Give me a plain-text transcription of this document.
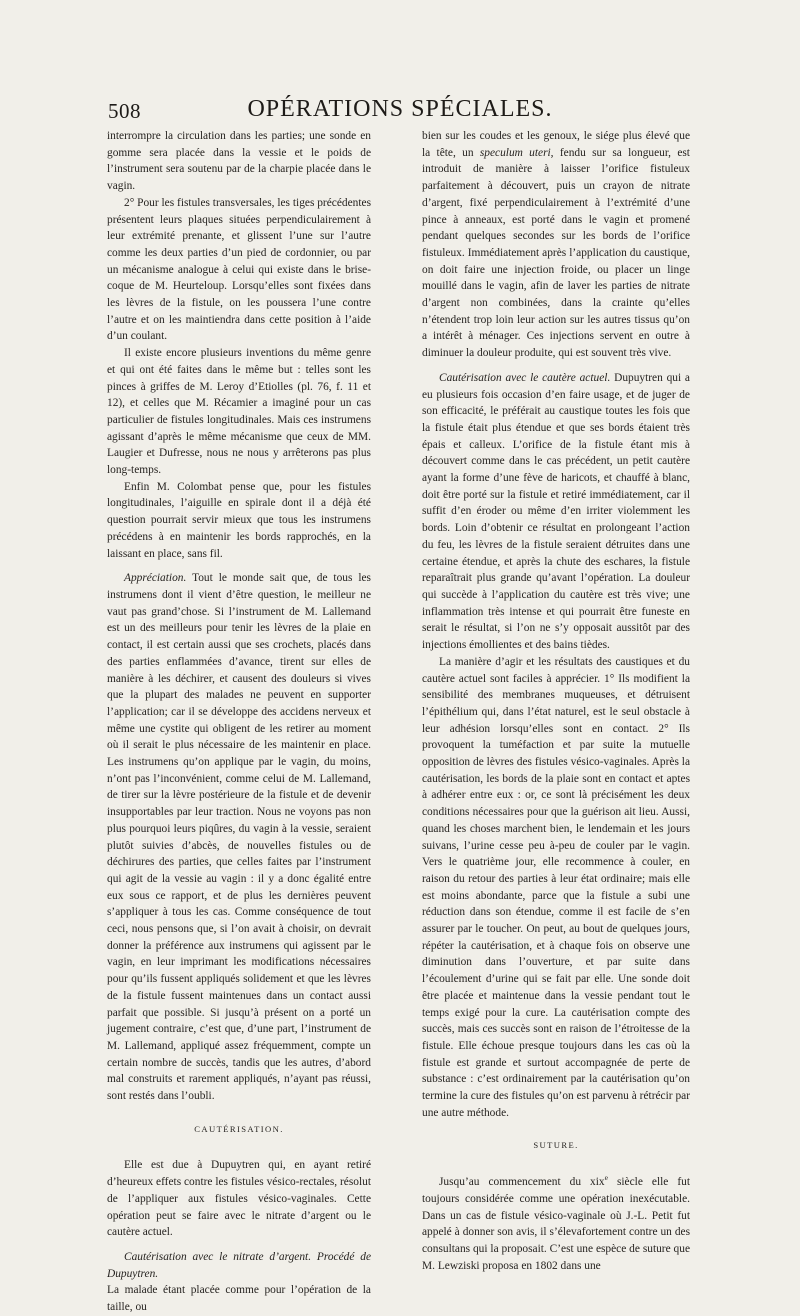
508	OPÉRATIONS SPÉCIALES.

interrompre la circulation dans les parties; une sonde en gomme sera placée dans la vessie et le poids de l’instrument sera soutenu par de la charpie placée dans le vagin.

2° Pour les fistules transversales, les tiges précédentes présentent leurs plaques situées perpendiculairement à leur extrémité prenante, et glissent l’une sur l’autre comme les deux parties d’un pied de cordonnier, ou par un mécanisme analogue à celui qui existe dans le brise-coque de M. Heurteloup. Lorsqu’elles sont fixées dans les lèvres de la fistule, on les poussera l’une contre l’autre et on les maintiendra dans cette position à l’aide d’un coulant.

Il existe encore plusieurs inventions du même genre et qui ont été faites dans le même but : telles sont les pinces à griffes de M. Leroy d’Etiolles (pl. 76, f. 11 et 12), et celles que M. Récamier a imaginé pour un cas particulier de fistules longitudinales. Mais ces instrumens agissant d’après le même mécanisme que ceux de MM. Laugier et Dufresse, nous ne nous y arrêterons pas plus long-temps.

Enfin M. Colombat pense que, pour les fistules longitudinales, l’aiguille en spirale dont il a déjà été question pourrait servir mieux que tous les instrumens précédens à en maintenir les bords rapprochés, en la laissant en place, sans fil.

Appréciation. Tout le monde sait que, de tous les instrumens dont il vient d’être question, le meilleur ne vaut pas grand’chose. Si l’instrument de M. Lallemand est un des meilleurs pour tenir les lèvres de la plaie en contact, il est certain aussi que ses crochets, placés dans des parties enflammées d’avance, tirent sur elles de manière à les déchirer, et causent des douleurs si vives que la plupart des malades ne peuvent en supporter l’application; car il se développe des accidens nerveux et même une cystite qui obligent de les retirer au moment où il serait le plus nécessaire de les maintenir en place. Les instrumens qu’on applique par le vagin, du moins, n’ont pas l’inconvénient, comme celui de M. Lallemand, de tirer sur la lèvre postérieure de la fistule et de devenir insupportables par leur traction. Nous ne voyons pas non plus pourquoi leurs piqûres, du vagin à la vessie, seraient plutôt suivies d’abcès, de nouvelles fistules ou de déchirures des parties, que celles faites par l’instrument qui agit de la vessie au vagin : il y a donc égalité entre eux sous ce rapport, et de plus les dernières peuvent s’appliquer à tous les cas. Comme conséquence de tout ceci, nous pensons que, si l’on avait à choisir, on devrait donner la préférence aux instrumens qui agissent par le vagin, en leur imprimant les modifications nécessaires pour qu’ils fussent appliqués solidement et que les lèvres de la fistule fussent maintenues dans un contact aussi parfait que possible. Si jusqu’à présent on a porté un jugement contraire, c’est que, d’une part, l’instrument de M. Lallemand, appliqué assez fréquemment, compte un certain nombre de succès, tandis que les autres, d’abord mal construits et rarement appliqués, n’ayant pas réussi, sont restés dans l’oubli.

CAUTÉRISATION.

Elle est due à Dupuytren qui, en ayant retiré d’heureux effets contre les fistules vésico-rectales, résolut de l’appliquer aux fistules vésico-vaginales. Cette opération peut se faire avec le nitrate d’argent ou le cautère actuel.

Cautérisation avec le nitrate d’argent. Procédé de Dupuytren.

La malade étant placée comme pour l’opération de la taille, ou

bien sur les coudes et les genoux, le siége plus élevé que la tête, un speculum uteri, fendu sur sa longueur, est introduit de manière à laisser l’orifice fistuleux parfaitement à découvert, puis un crayon de nitrate d’argent, fixé perpendiculairement à l’extrémité d’une pince à anneaux, est porté dans le vagin et promené pendant quelques secondes sur les bords de l’orifice fistuleux. Immédiatement après l’application du caustique, on doit faire une injection froide, ou placer un linge mouillé dans le vagin, afin de laver les parties de nitrate d’argent non combinées, dans la crainte qu’elles n’étendent trop loin leur action sur les autres tissus qu’on a intérêt à ménager. Ces injections servent en outre à diminuer la douleur produite, qui est souvent très vive.

Cautérisation avec le cautère actuel. Dupuytren qui a eu plusieurs fois occasion d’en faire usage, et de juger de son efficacité, le préférait au caustique toutes les fois que la fistule était plus étendue et que ses bords étaient très épais et calleux. L’orifice de la fistule étant mis à découvert comme dans le cas précédent, un petit cautère ayant la forme d’une fève de haricots, et chauffé à blanc, doit être porté sur la fistule et retiré immédiatement, car il suffit d’en éroder ou même d’en irriter violemment les bords. Loin d’obtenir ce résultat en prolongeant l’action du feu, les lèvres de la fistule seraient détruites dans une certaine étendue, et après la chute des eschares, la fistule reparaîtrait plus grande qu’avant l’opération. La douleur qui succède à l’application du cautère est très vive; une inflammation très intense et qui pourrait être funeste en serait le résultat, si l’on ne s’y opposait aussitôt par des injections émollientes et des bains tièdes.

La manière d’agir et les résultats des caustiques et du cautère actuel sont faciles à apprécier. 1° Ils modifient la sensibilité des membranes muqueuses, et détruisent l’épithélium qui, dans l’état naturel, est le seul obstacle à leur adhésion lorsqu’elles sont en contact. 2° Ils provoquent la tuméfaction et par suite la mutuelle opposition de lèvres des fistules vésico-vaginales. Après la cautérisation, les bords de la plaie sont en contact et aptes à adhérer entre eux : or, ce sont là précisément les deux conditions nécessaires pour que la guérison ait lieu. Aussi, quand les choses marchent bien, le lendemain et les jours suivans, l’urine cesse peu à-peu de couler par le vagin. Vers le quatrième jour, elle recommence à couler, en raison du retour des parties à leur état ordinaire; mais elle est moins abondante, parce que la fistule a subi une réduction dans son étendue, comme il est facile de s’en assurer par le toucher. On peut, au bout de quelques jours, répéter la cautérisation, et à chaque fois on observe une diminution dans l’ouverture, et par suite dans l’écoulement d’urine qui se fait par elle. Une sonde doit être placée et maintenue dans la vessie pendant tout le temps exigé pour la cure. La cautérisation compte des succès, mais ces succès sont en raison de l’étroitesse de la fistule. Elle échoue presque toujours dans les cas où la fistule est grande et surtout accompagnée de perte de substance : c’est ordinairement par la cautérisation qu’on termine la cure des fistules qu’on est parvenu à rétrécir par une autre méthode.

SUTURE.

Jusqu’au commencement du xix$^e$ siècle elle fut toujours considérée comme une opération inexécutable. Dans un cas de fistule vésico-vaginale où J.-L. Petit fut appelé à donner son avis, il s’élevafortement contre un des consultans qui la proposait. C’est une espèce de suture que M. Lewziski proposa en 1802 dans une
